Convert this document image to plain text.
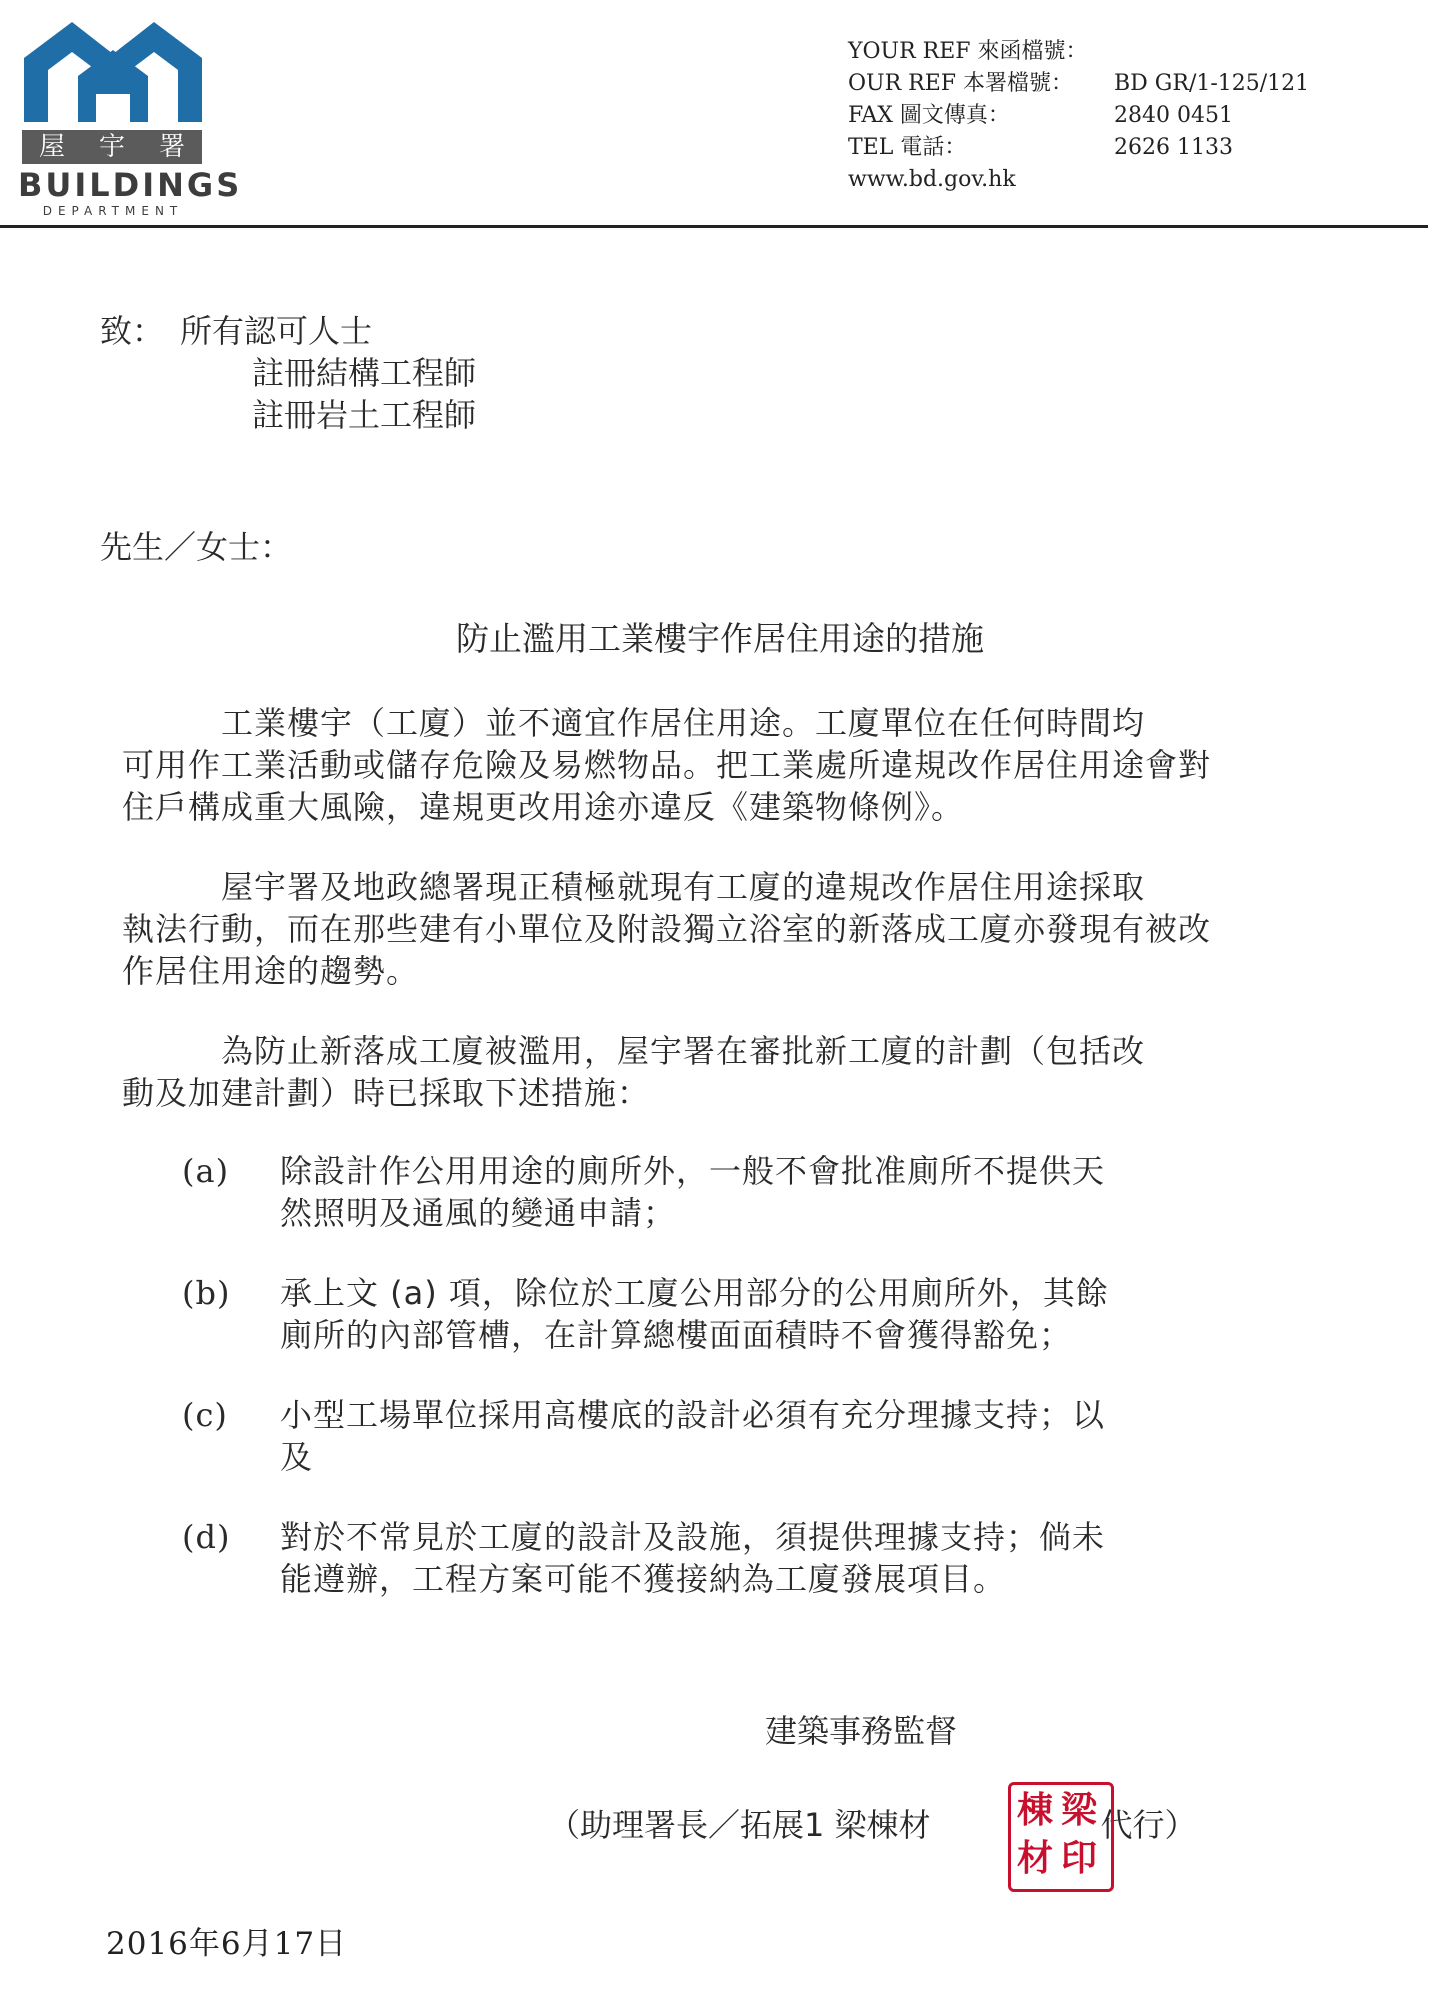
屋 宇 署
BUILDINGS
DEPARTMENT
YOUR REF 來函檔號：
OUR REF 本署檔號：	BD GR/1-125/121
FAX 圖文傳真：	2840 0451
TEL 電話：	2626 1133
www.bd.gov.hk
致： 所有認可人士
註冊結構工程師
註冊岩土工程師
先生／女士：
防止濫用工業樓宇作居住用途的措施

　　　工業樓宇（工廈）並不適宜作居住用途。工廈單位在任何時間均

可用作工業活動或儲存危險及易燃物品。把工業處所違規改作居住用途會對

住戶構成重大風險，違規更改用途亦違反《建築物條例》。

　　　屋宇署及地政總署現正積極就現有工廈的違規改作居住用途採取

執法行動，而在那些建有小單位及附設獨立浴室的新落成工廈亦發現有被改

作居住用途的趨勢。

　　　為防止新落成工廈被濫用，屋宇署在審批新工廈的計劃（包括改

動及加建計劃）時已採取下述措施：

(a)	除設計作公用用途的廁所外，一般不會批准廁所不提供天
然照明及通風的變通申請；
(b)	承上文 (a) 項，除位於工廈公用部分的公用廁所外，其餘
廁所的內部管槽，在計算總樓面面積時不會獲得豁免；
(c)	小型工場單位採用高樓底的設計必須有充分理據支持；以
及
(d)	對於不常見於工廈的設計及設施，須提供理據支持；倘未
能遵辦，工程方案可能不獲接納為工廈發展項目。
建築事務監督
（助理署長／拓展1 梁棟材	代行）
棟 梁
材 印
2016年6月17日
